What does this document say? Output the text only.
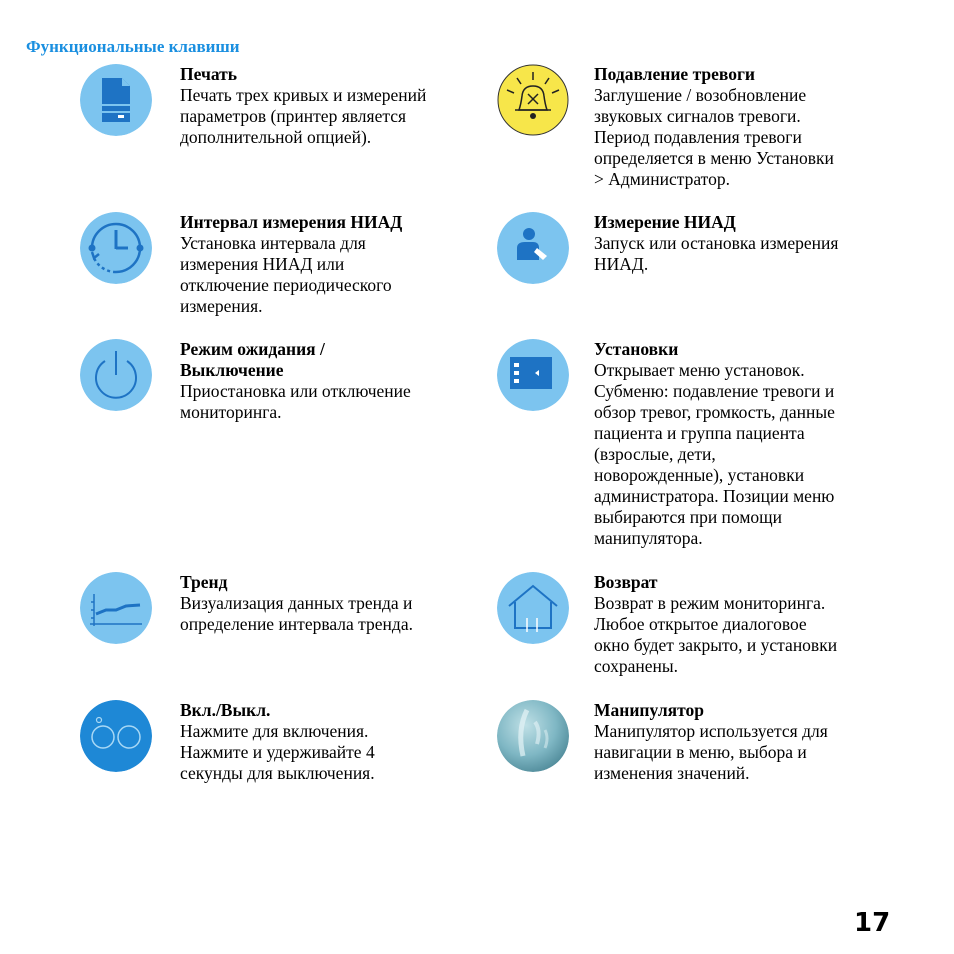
Функциональные клавиши
Печать
Печать трех кривых и измерений
параметров (принтер является
дополнительной опцией).
Интервал измерения НИАД
Установка интервала для
измерения НИАД или
отключение периодического
измерения.
Режим ожидания /
Выключение
Приостановка или отключение
мониторинга.
Тренд
Визуализация данных тренда и
определение интервала тренда.
Вкл./Выкл.
Нажмите для включения.
Нажмите и удерживайте 4
секунды для выключения.
Подавление тревоги
Заглушение / возобновление
звуковых сигналов тревоги.
Период подавления тревоги
определяется в меню Установки
> Администратор.
Измерение НИАД
Запуск или остановка измерения
НИАД.
Установки
Открывает меню установок.
Субменю: подавление тревоги и
обзор тревог, громкость, данные
пациента и группа пациента
(взрослые, дети,
новорожденные), установки
администратора. Позиции меню
выбираются при помощи
манипулятора.
Возврат
Возврат в режим мониторинга.
Любое открытое диалоговое
окно будет закрыто, и установки
сохранены.
Манипулятор
Манипулятор используется для
навигации в меню, выбора и
изменения значений.
17
